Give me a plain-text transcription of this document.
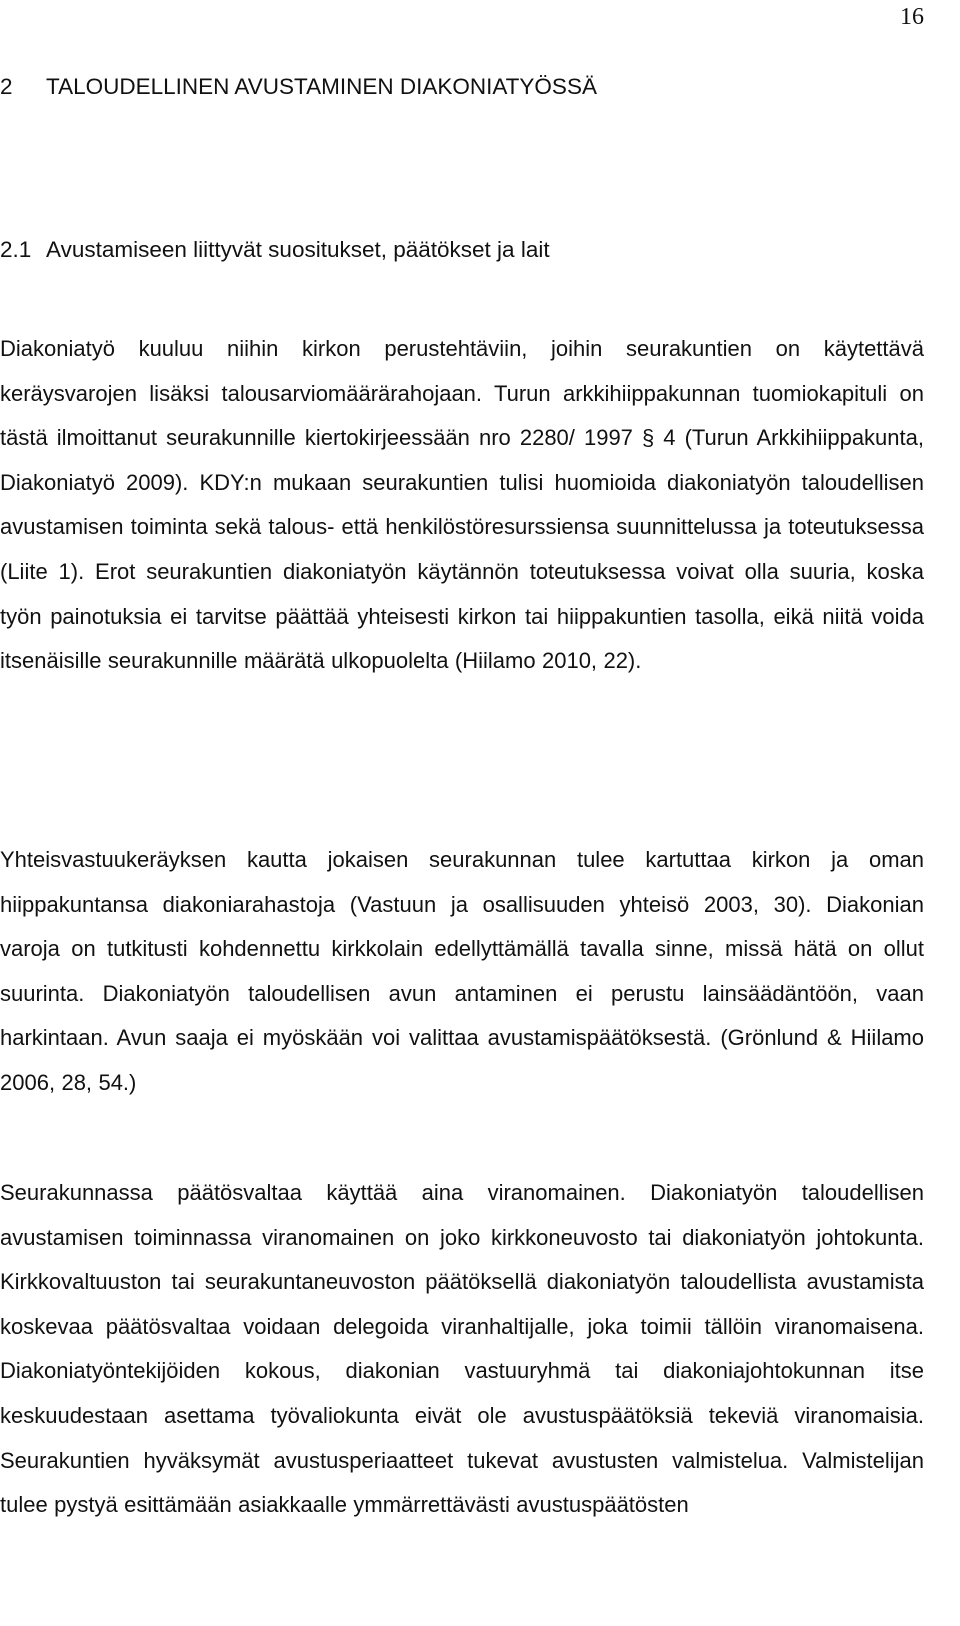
16
2 TALOUDELLINEN AVUSTAMINEN DIAKONIATYÖSSÄ
2.1 Avustamiseen liittyvät suositukset, päätökset ja lait

Diakoniatyö kuuluu niihin kirkon perustehtäviin, joihin seurakuntien on käytettävä keräysvarojen lisäksi talousarviomäärärahojaan. Turun arkkihiippakunnan tuomiokapituli on tästä ilmoittanut seurakunnille kiertokirjeessään nro 2280/ 1997 § 4 (Turun Arkkihiippakunta, Diakoniatyö 2009). KDY:n mukaan seurakuntien tulisi huomioida diakoniatyön taloudellisen avustamisen toiminta sekä talous- että henkilöstöresurssiensa suunnittelussa ja toteutuksessa (Liite 1). Erot seurakuntien diakoniatyön käytännön toteutuksessa voivat olla suuria, koska työn painotuksia ei tarvitse päättää yhteisesti kirkon tai hiippakuntien tasolla, eikä niitä voida itsenäisille seurakunnille määrätä ulkopuolelta (Hiilamo 2010, 22).

Yhteisvastuukeräyksen kautta jokaisen seurakunnan tulee kartuttaa kirkon ja oman hiippakuntansa diakoniarahastoja (Vastuun ja osallisuuden yhteisö 2003, 30). Diakonian varoja on tutkitusti kohdennettu kirkkolain edellyttämällä tavalla sinne, missä hätä on ollut suurinta. Diakoniatyön taloudellisen avun antaminen ei perustu lainsäädäntöön, vaan harkintaan. Avun saaja ei myöskään voi valittaa avustamispäätöksestä. (Grönlund & Hiilamo 2006, 28, 54.)

Seurakunnassa päätösvaltaa käyttää aina viranomainen. Diakoniatyön taloudellisen avustamisen toiminnassa viranomainen on joko kirkkoneuvosto tai diakoniatyön johtokunta. Kirkkovaltuuston tai seurakuntaneuvoston päätöksellä diakoniatyön taloudellista avustamista koskevaa päätösvaltaa voidaan delegoida viranhaltijalle, joka toimii tällöin viranomaisena. Diakoniatyöntekijöiden kokous, diakonian vastuuryhmä tai diakoniajohtokunnan itse keskuudestaan asettama työvaliokunta eivät ole avustuspäätöksiä tekeviä viranomaisia. Seurakuntien hyväksymät avustusperiaatteet tukevat avustusten valmistelua. Valmistelijan tulee pystyä esittämään asiakkaalle ymmärrettävästi avustuspäätösten
